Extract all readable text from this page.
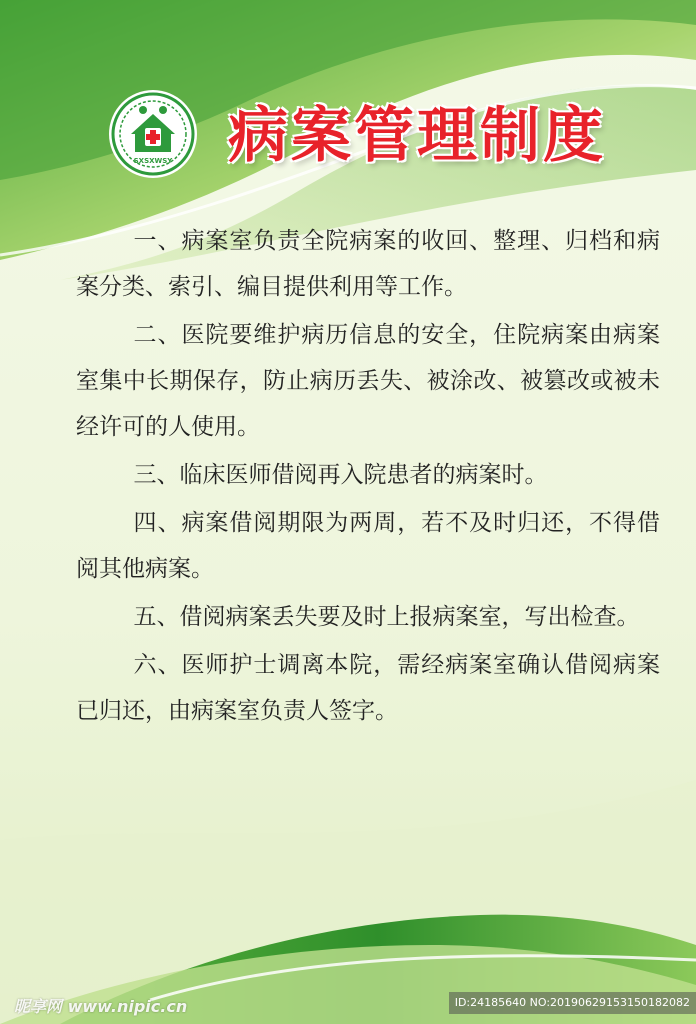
SXSXWSY 病案管理制度

一、病案室负责全院病案的收回、整理、归档和病案分类、索引、编目提供利用等工作。

二、医院要维护病历信息的安全，住院病案由病案室集中长期保存，防止病历丢失、被涂改、被篡改或被未经许可的人使用。

三、临床医师借阅再入院患者的病案时。

四、病案借阅期限为两周，若不及时归还，不得借阅其他病案。

五、借阅病案丢失要及时上报病案室，写出检查。

六、医师护士调离本院，需经病案室确认借阅病案已归还，由病案室负责人签字。

昵享网 www.nipic.cn	ID:24185640 NO:20190629153150182082
